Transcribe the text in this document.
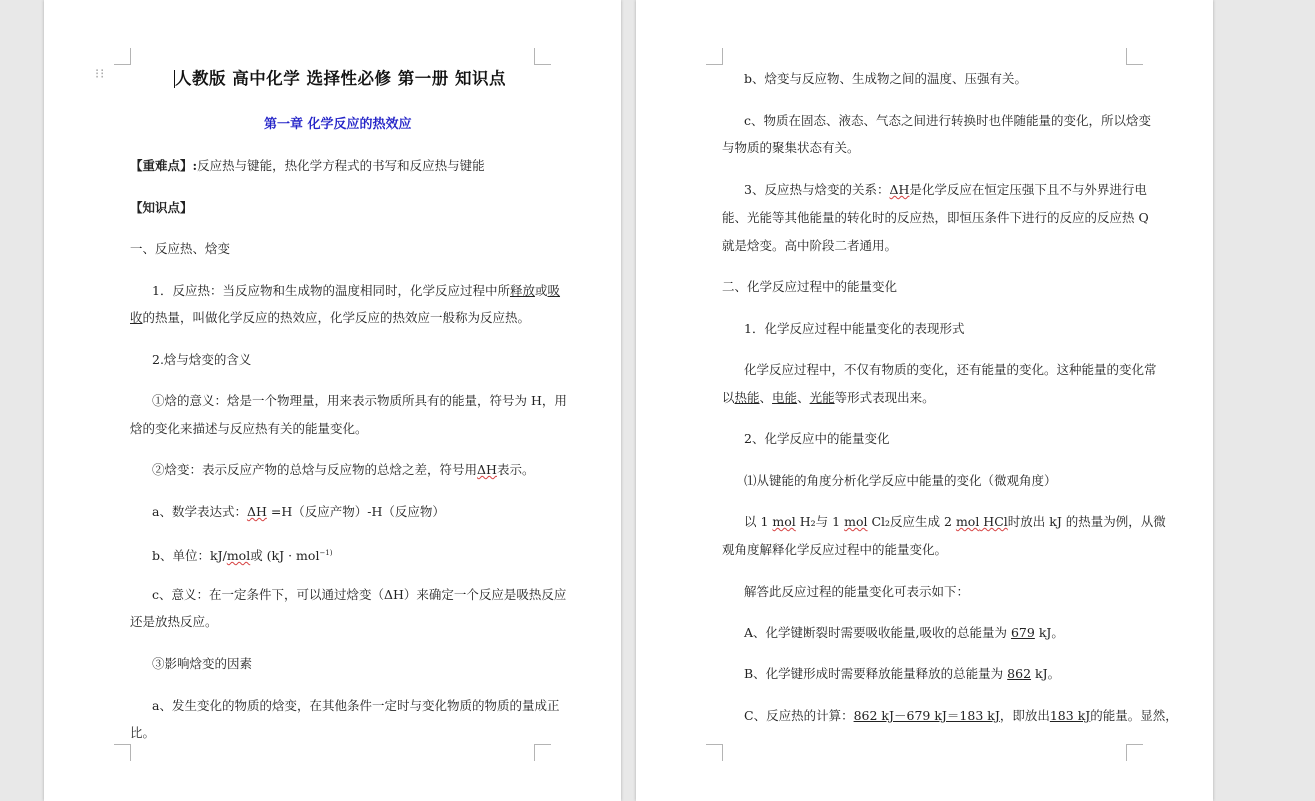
人教版 高中化学 选择性必修 第一册 知识点
第一章 化学反应的热效应
【重难点】:反应热与键能，热化学方程式的书写和反应热与键能
【知识点】
一、反应热、焓变
1．反应热：当反应物和生成物的温度相同时，化学反应过程中所释放或吸
收的热量，叫做化学反应的热效应，化学反应的热效应一般称为反应热。
2.焓与焓变的含义
①焓的意义：焓是一个物理量，用来表示物质所具有的能量，符号为 H，用
焓的变化来描述与反应热有关的能量变化。
②焓变：表示反应产物的总焓与反应物的总焓之差，符号用ΔH表示。
a、数学表达式：ΔH =H（反应产物）-H（反应物）
b、单位：kJ/mol或 (kJ · mol$^{-1)}$
c、意义：在一定条件下，可以通过焓变（ΔH）来确定一个反应是吸热反应
还是放热反应。
③影响焓变的因素
a、发生变化的物质的焓变，在其他条件一定时与变化物质的物质的量成正
比。
⁝⁝	b、焓变与反应物、生成物之间的温度、压强有关。
c、物质在固态、液态、气态之间进行转换时也伴随能量的变化，所以焓变
与物质的聚集状态有关。
3、反应热与焓变的关系：ΔH是化学反应在恒定压强下且不与外界进行电
能、光能等其他能量的转化时的反应热，即恒压条件下进行的反应的反应热 Q
就是焓变。高中阶段二者通用。
二、化学反应过程中的能量变化
1．化学反应过程中能量变化的表现形式
化学反应过程中，不仅有物质的变化，还有能量的变化。这种能量的变化常
以热能、电能、光能等形式表现出来。
2、化学反应中的能量变化
⑴从键能的角度分析化学反应中能量的变化（微观角度）
以 1 mol H₂与 1 mol Cl₂反应生成 2 mol HCl时放出 kJ 的热量为例，从微
观角度解释化学反应过程中的能量变化。
解答此反应过程的能量变化可表示如下：
A、化学键断裂时需要吸收能量,吸收的总能量为 679 kJ。
B、化学键形成时需要释放能量释放的总能量为 862 kJ。
C、反应热的计算：862 kJ－679 kJ＝183 kJ，即放出183 kJ的能量。显然，
